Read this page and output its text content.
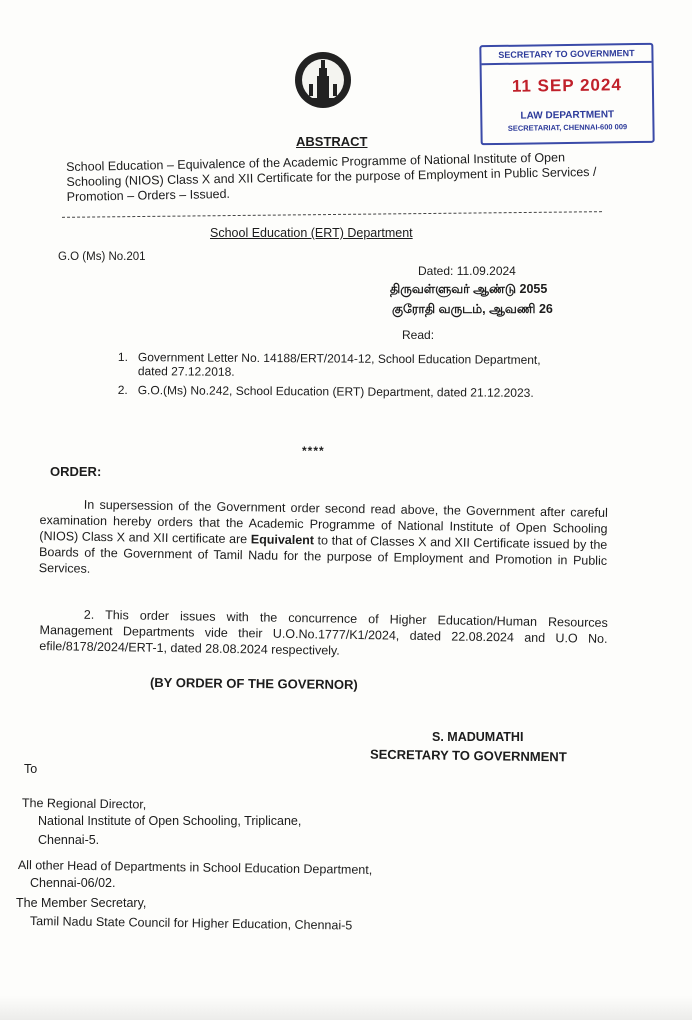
SECRETARY TO GOVERNMENT
11 SEP 2024
LAW DEPARTMENT
SECRETARIAT, CHENNAI-600 009
ABSTRACT
School Education – Equivalence of the Academic Programme of National Institute of Open Schooling (NIOS) Class X and XII Certificate for the purpose of Employment in Public Services / Promotion – Orders – Issued.
School Education (ERT) Department
G.O (Ms) No.201
Dated: 11.09.2024
திருவள்ளுவர் ஆண்டு 2055
குரோதி வருடம், ஆவணி 26
Read:
1. Government Letter No. 14188/ERT/2014-12, School Education Department, dated 27.12.2018.
2. G.O.(Ms) No.242, School Education (ERT) Department, dated 21.12.2023.
****
ORDER:
In supersession of the Government order second read above, the Government after careful examination hereby orders that the Academic Programme of National Institute of Open Schooling (NIOS) Class X and XII certificate are Equivalent to that of Classes X and XII Certificate issued by the Boards of the Government of Tamil Nadu for the purpose of Employment and Promotion in Public Services.
2. This order issues with the concurrence of Higher Education/Human Resources Management Departments vide their U.O.No.1777/K1/2024, dated 22.08.2024 and U.O No. efile/8178/2024/ERT-1, dated 28.08.2024 respectively.
(BY ORDER OF THE GOVERNOR)
S. MADUMATHI
SECRETARY TO GOVERNMENT
To
The Regional Director,
National Institute of Open Schooling, Triplicane,
Chennai-5.
All other Head of Departments in School Education Department,
Chennai-06/02.
The Member Secretary,
Tamil Nadu State Council for Higher Education, Chennai-5
